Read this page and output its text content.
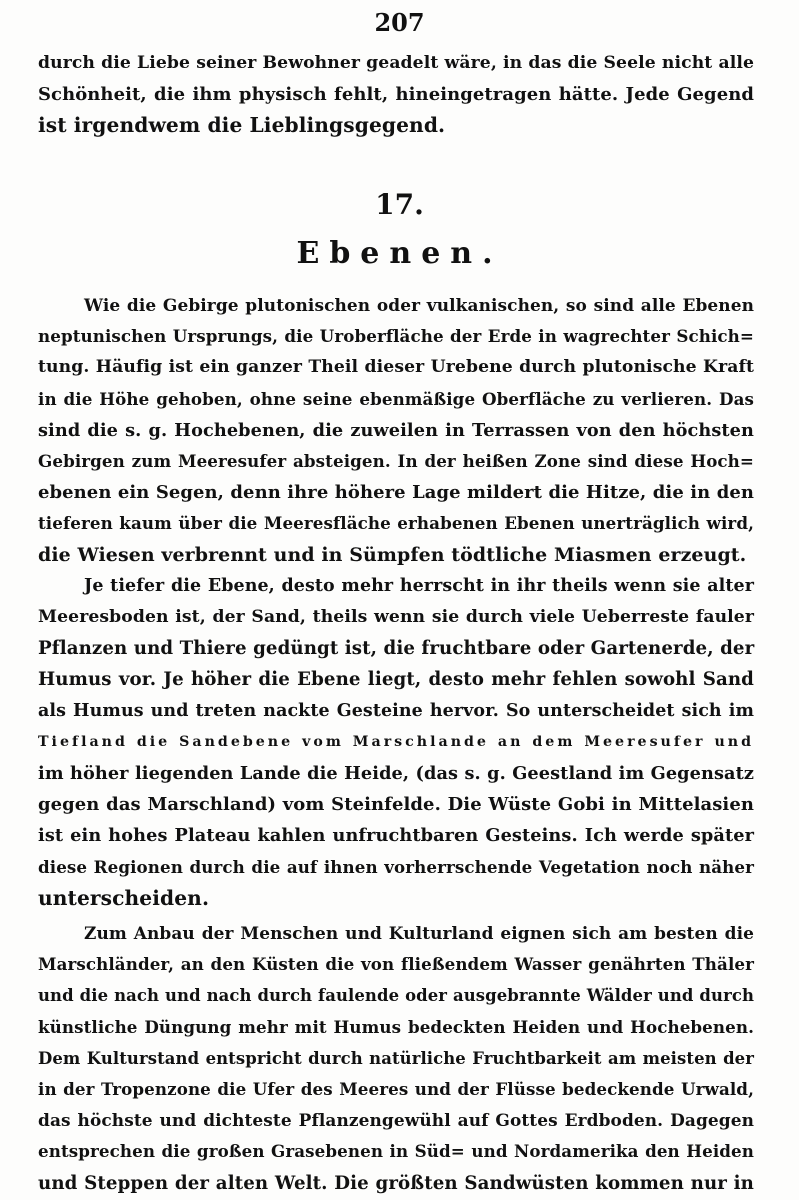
207

durch die Liebe seiner Bewohner geadelt wäre, in das die Seele nicht alle
Schönheit, die ihm physisch fehlt, hineingetragen hätte. Jede Gegend
ist irgendwem die Lieblingsgegend.

17.
Ebenen.

Wie die Gebirge plutonischen oder vulkanischen, so sind alle Ebenen
neptunischen Ursprungs, die Uroberfläche der Erde in wagrechter Schich=
tung. Häufig ist ein ganzer Theil dieser Urebene durch plutonische Kraft
in die Höhe gehoben, ohne seine ebenmäßige Oberfläche zu verlieren. Das
sind die s. g. Hochebenen, die zuweilen in Terrassen von den höchsten
Gebirgen zum Meeresufer absteigen. In der heißen Zone sind diese Hoch=
ebenen ein Segen, denn ihre höhere Lage mildert die Hitze, die in den
tieferen kaum über die Meeresfläche erhabenen Ebenen unerträglich wird,
die Wiesen verbrennt und in Sümpfen tödtliche Miasmen erzeugt.

Je tiefer die Ebene, desto mehr herrscht in ihr theils wenn sie alter
Meeresboden ist, der Sand, theils wenn sie durch viele Ueberreste fauler
Pflanzen und Thiere gedüngt ist, die fruchtbare oder Gartenerde, der
Humus vor. Je höher die Ebene liegt, desto mehr fehlen sowohl Sand
als Humus und treten nackte Gesteine hervor. So unterscheidet sich im
Tiefland die Sandebene vom Marschlande an dem Meeresufer und
im höher liegenden Lande die Heide, (das s. g. Geestland im Gegensatz
gegen das Marschland) vom Steinfelde. Die Wüste Gobi in Mittelasien
ist ein hohes Plateau kahlen unfruchtbaren Gesteins. Ich werde später
diese Regionen durch die auf ihnen vorherrschende Vegetation noch näher
unterscheiden.

Zum Anbau der Menschen und Kulturland eignen sich am besten die
Marschländer, an den Küsten die von fließendem Wasser genährten Thäler
und die nach und nach durch faulende oder ausgebrannte Wälder und durch
künstliche Düngung mehr mit Humus bedeckten Heiden und Hochebenen.
Dem Kulturstand entspricht durch natürliche Fruchtbarkeit am meisten der
in der Tropenzone die Ufer des Meeres und der Flüsse bedeckende Urwald,
das höchste und dichteste Pflanzengewühl auf Gottes Erdboden. Dagegen
entsprechen die großen Grasebenen in Süd= und Nordamerika den Heiden
und Steppen der alten Welt. Die größten Sandwüsten kommen nur in
